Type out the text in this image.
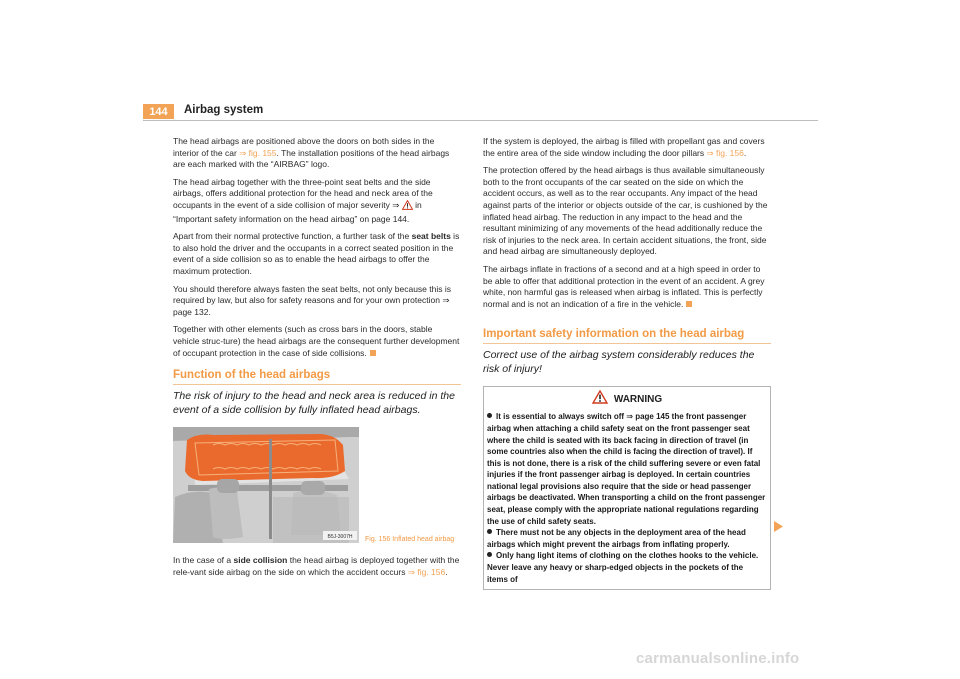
144	Airbag system

The head airbags are positioned above the doors on both sides in the interior of the car ⇒ fig. 155. The installation positions of the head airbags are each marked with the “AIRBAG” logo.

The head airbag together with the three-point seat belts and the side airbags, offers additional protection for the head and neck area of the occupants in the event of a side collision of major severity ⇒  in “Important safety information on the head airbag” on page 144.

Apart from their normal protective function, a further task of the seat belts is to also hold the driver and the occupants in a correct seated position in the event of a side collision so as to enable the head airbags to offer the maximum protection.

You should therefore always fasten the seat belts, not only because this is required by law, but also for safety reasons and for your own protection ⇒ page 132.

Together with other elements (such as cross bars in the doors, stable vehicle struc-ture) the head airbags are the consequent further development of occupant protection in the case of side collisions.

Function of the head airbags
The risk of injury to the head and neck area is reduced in the event of a side collision by fully inflated head airbags.
B5J-3007H Fig. 156 Inflated head airbag

In the case of a side collision the head airbag is deployed together with the rele-vant side airbag on the side on which the accident occurs ⇒ fig. 156.

If the system is deployed, the airbag is filled with propellant gas and covers the entire area of the side window including the door pillars ⇒ fig. 156.

The protection offered by the head airbags is thus available simultaneously both to the front occupants of the car seated on the side on which the accident occurs, as well as to the rear occupants. Any impact of the head against parts of the interior or objects outside of the car, is cushioned by the inflated head airbag. The reduction in any impact to the head and the resultant minimizing of any movements of the head additionally reduce the risk of injuries to the neck area. In certain accident situations, the front, side and head airbag are simultaneously deployed.

The airbags inflate in fractions of a second and at a high speed in order to be able to offer that additional protection in the event of an accident. A grey white, non harmful gas is released when airbag is inflated. This is perfectly normal and is not an indication of a fire in the vehicle.

Important safety information on the head airbag
Correct use of the airbag system considerably reduces the risk of injury!
WARNING

It is essential to always switch off ⇒ page 145 the front passenger airbag when attaching a child safety seat on the front passenger seat where the child is seated with its back facing in direction of travel (in some countries also when the child is facing the direction of travel). If this is not done, there is a risk of the child suffering severe or even fatal injuries if the front passenger airbag is deployed. In certain countries national legal provisions also require that the side or head passenger airbags be deactivated. When transporting a child on the front passenger seat, please comply with the appropriate national regulations regarding the use of child safety seats.

There must not be any objects in the deployment area of the head airbags which might prevent the airbags from inflating properly.

Only hang light items of clothing on the clothes hooks to the vehicle. Never leave any heavy or sharp-edged objects in the pockets of the items of

carmanualsonline.info
